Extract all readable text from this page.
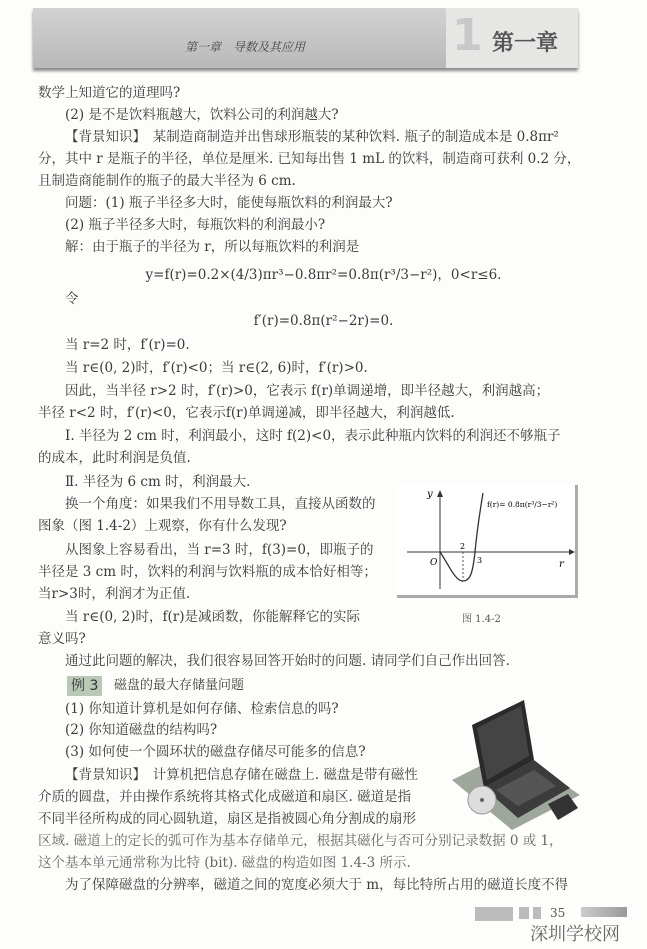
第一章　导数及其应用	1 第一章
数学上知道它的道理吗?
(2) 是不是饮料瓶越大，饮料公司的利润越大?
【背景知识】　某制造商制造并出售球形瓶装的某种饮料. 瓶子的制造成本是 0.8πr²
分，其中 r 是瓶子的半径，单位是厘米. 已知每出售 1 mL 的饮料，制造商可获利 0.2 分，
且制造商能制作的瓶子的最大半径为 6 cm.
问题：(1) 瓶子半径多大时，能使每瓶饮料的利润最大?
(2) 瓶子半径多大时，每瓶饮料的利润最小?
解：由于瓶子的半径为 r，所以每瓶饮料的利润是
y=f(r)=0.2×(4/3)πr³−0.8πr²=0.8π(r³/3−r²)，0<r≤6.
令
f′(r)=0.8π(r²−2r)=0.
当 r=2 时，f′(r)=0.
当 r∈(0, 2)时，f′(r)<0；当 r∈(2, 6)时，f′(r)>0.
因此，当半径 r>2 时，f′(r)>0，它表示 f(r)单调递增，即半径越大，利润越高；
半径 r<2 时，f′(r)<0，它表示f(r)单调递减，即半径越大，利润越低.
Ⅰ. 半径为 2 cm 时，利润最小，这时 f(2)<0，表示此种瓶内饮料的利润还不够瓶子
的成本，此时利润是负值.
Ⅱ. 半径为 6 cm 时，利润最大.
换一个角度：如果我们不用导数工具，直接从函数的
图象（图 1.4-2）上观察，你有什么发现?
从图象上容易看出，当 r=3 时，f(3)=0，即瓶子的
半径是 3 cm 时，饮料的利润与饮料瓶的成本恰好相等；
当r>3时，利润才为正值.
当 r∈(0, 2)时，f(r)是减函数，你能解释它的实际
意义吗?
通过此问题的解决，我们很容易回答开始时的问题. 请同学们自己作出回答.
y
r
O
2
3
f(r)= 0.8π(r³/3−r²)
图 1.4-2
例 3	磁盘的最大存储量问题
(1) 你知道计算机是如何存储、检索信息的吗?
(2) 你知道磁盘的结构吗?
(3) 如何使一个圆环状的磁盘存储尽可能多的信息?
【背景知识】　计算机把信息存储在磁盘上. 磁盘是带有磁性
介质的圆盘，并由操作系统将其格式化成磁道和扇区. 磁道是指
不同半径所构成的同心圆轨道，扇区是指被圆心角分割成的扇形
区域. 磁道上的定长的弧可作为基本存储单元，根据其磁化与否可分别记录数据 0 或 1，
这个基本单元通常称为比特 (bit). 磁盘的构造如图 1.4-3 所示.
为了保障磁盘的分辨率，磁道之间的宽度必须大于 m，每比特所占用的磁道长度不得
35
深圳学校网
